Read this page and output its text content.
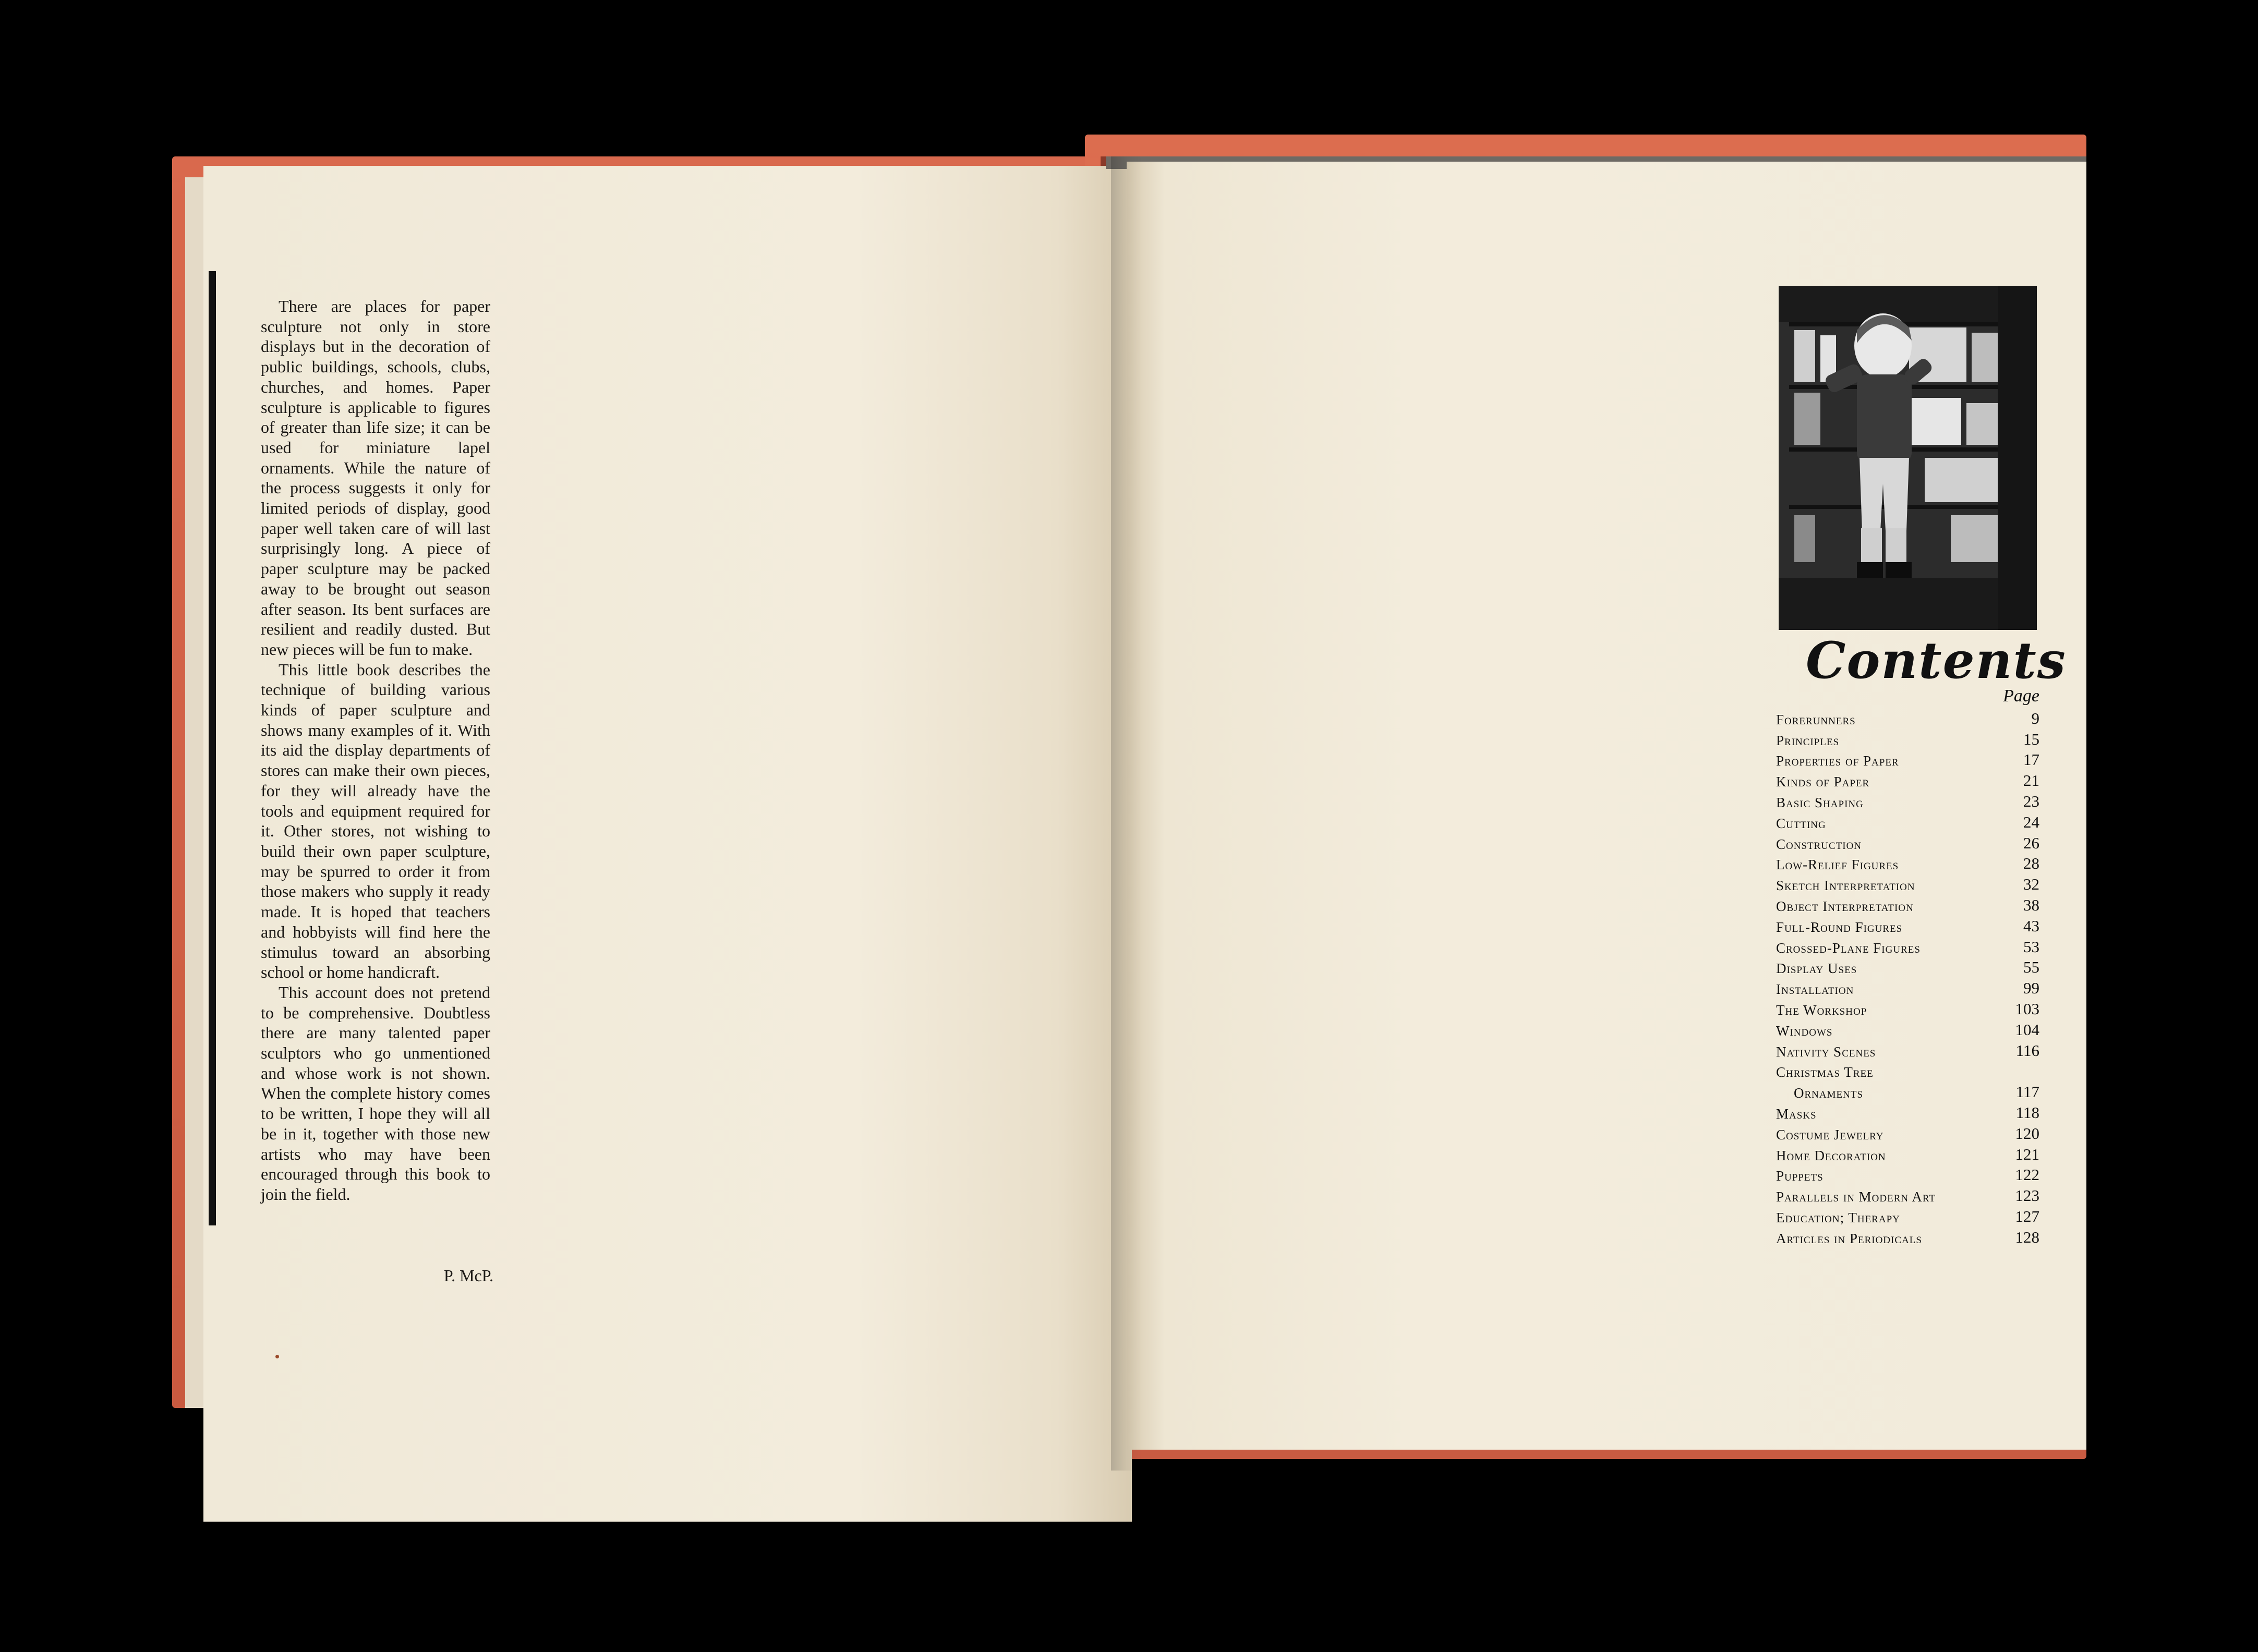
There are places for paper sculpture not only in store displays but in the decoration of public buildings, schools, clubs, churches, and homes. Paper sculpture is applicable to figures of greater than life size; it can be used for miniature lapel ornaments. While the nature of the process suggests it only for limited periods of display, good paper well taken care of will last surprisingly long. A piece of paper sculpture may be packed away to be brought out season after season. Its bent surfaces are resilient and readily dusted. But new pieces will be fun to make.

This little book describes the technique of building various kinds of paper sculpture and shows many examples of it. With its aid the display departments of stores can make their own pieces, for they will already have the tools and equipment required for it. Other stores, not wishing to build their own paper sculpture, may be spurred to order it from those makers who supply it ready made. It is hoped that teachers and hobbyists will find here the stimulus toward an absorbing school or home handicraft.

This account does not pretend to be comprehensive. Doubtless there are many talented paper sculptors who go unmentioned and whose work is not shown. When the complete history comes to be written, I hope they will all be in it, together with those new artists who may have been encouraged through this book to join the field.

P. McP.
Contents
Page
Forerunners	9
Principles	15
Properties of Paper	17
Kinds of Paper	21
Basic Shaping	23
Cutting	24
Construction	26
Low-Relief Figures	28
Sketch Interpretation	32
Object Interpretation	38
Full-Round Figures	43
Crossed-Plane Figures	53
Display Uses	55
Installation	99
The Workshop	103
Windows	104
Nativity Scenes	116
Christmas Tree
Ornaments	117
Masks	118
Costume Jewelry	120
Home Decoration	121
Puppets	122
Parallels in Modern Art	123
Education; Therapy	127
Articles in Periodicals	128
